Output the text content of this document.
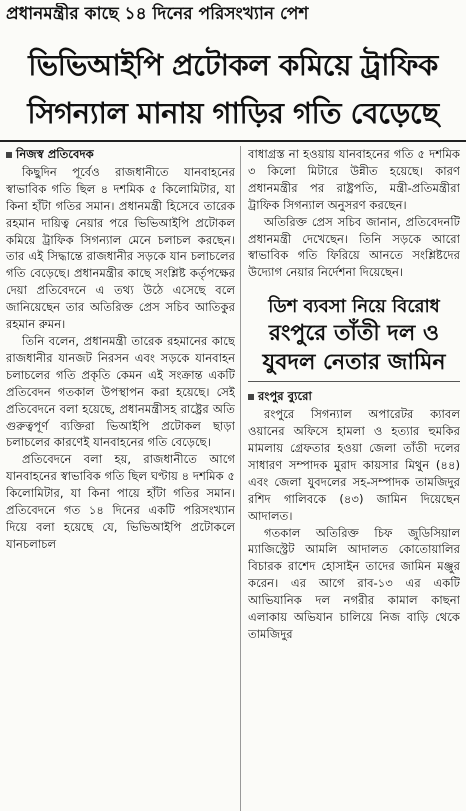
প্রধানমন্ত্রীর কাছে ১৪ দিনের পরিসংখ্যান পেশ
ভিভিআইপি প্রটোকল কমিয়ে ট্রাফিক
সিগন্যাল মানায় গাড়ির গতি বেড়েছে
নিজস্ব প্রতিবেদক

কিছুদিন পূর্বেও রাজধানীতে যানবাহনের স্বাভাবিক গতি ছিল ৪ দশমিক ৫ কিলোমিটার, যা কিনা হাঁটা গতির সমান। প্রধানমন্ত্রী হিসেবে তারেক রহমান দায়িত্ব নেয়ার পরে ভিভিআইপি প্রটোকল কমিয়ে ট্রাফিক সিগন্যাল মেনে চলাচল করছেন। তার এই সিদ্ধান্তে রাজধানীর সড়কে যান চলাচলের গতি বেড়েছে। প্রধানমন্ত্রীর কাছে সংশ্লিষ্ট কর্তৃপক্ষের দেয়া প্রতিবেদনে এ তথ্য উঠে এসেছে বলে জানিয়েছেন তার অতিরিক্ত প্রেস সচিব আতিকুর রহমান রুমন।

তিনি বলেন, প্রধানমন্ত্রী তারেক রহমানের কাছে রাজধানীর যানজট নিরসন এবং সড়কে যানবাহন চলাচলের গতি প্রকৃতি কেমন এই সংক্রান্ত একটি প্রতিবেদন গতকাল উপস্থাপন করা হয়েছে। সেই প্রতিবেদনে বলা হয়েছে, প্রধানমন্ত্রীসহ রাষ্ট্রের অতি গুরুত্বপূর্ণ ব্যক্তিরা ভিআইপি প্রটোকল ছাড়া চলাচলের কারণেই যানবাহনের গতি বেড়েছে।

প্রতিবেদনে বলা হয়, রাজধানীতে আগে যানবাহনের স্বাভাবিক গতি ছিল ঘণ্টায় ৪ দশমিক ৫ কিলোমিটার, যা কিনা পায়ে হাঁটা গতির সমান। প্রতিবেদনে গত ১৪ দিনের একটি পরিসংখ্যান দিয়ে বলা হয়েছে যে, ভিভিআইপি প্রটোকলে যানচলাচল

বাধাগ্রস্ত না হওয়ায় যানবাহনের গতি ৫ দশমিক ৩ কিলো মিটারে উন্নীত হয়েছে। কারণ প্রধানমন্ত্রীর পর রাষ্ট্রপতি, মন্ত্রী-প্রতিমন্ত্রীরা ট্রাফিক সিগন্যাল অনুসরণ করছেন।

অতিরিক্ত প্রেস সচিব জানান, প্রতিবেদনটি প্রধানমন্ত্রী দেখেছেন। তিনি সড়কে আরো স্বাভাবিক গতি ফিরিয়ে আনতে সংশ্লিষ্টদের উদ্যোগ নেয়ার নির্দেশনা দিয়েছেন।

ডিশ ব্যবসা নিয়ে বিরোধ
রংপুরে তাঁতী দল ও যুবদল নেতার জামিন
রংপুর ব্যুরো

রংপুরে সিগন্যাল অপারেটর ক্যাবল ওয়ানের অফিসে হামলা ও হত্যার হুমকির মামলায় গ্রেফতার হওয়া জেলা তাঁতী দলের সাধারণ সম্পাদক মুরাদ কায়সার মিথুন (৪৪) এবং জেলা যুবদলের সহ-সম্পাদক তামজিদুর রশিদ গালিবকে (৪৩) জামিন দিয়েছেন আদালত।

গতকাল অতিরিক্ত চিফ জুডিসিয়াল ম্যাজিস্ট্রেট আমলি আদালত কোতোয়ালির বিচারক রাশেদ হোসাইন তাদের জামিন মঞ্জুর করেন। এর আগে রাব-১৩ এর একটি আভিযানিক দল নগরীর কামাল কাছনা এলাকায় অভিযান চালিয়ে নিজ বাড়ি থেকে তামজিদুর
